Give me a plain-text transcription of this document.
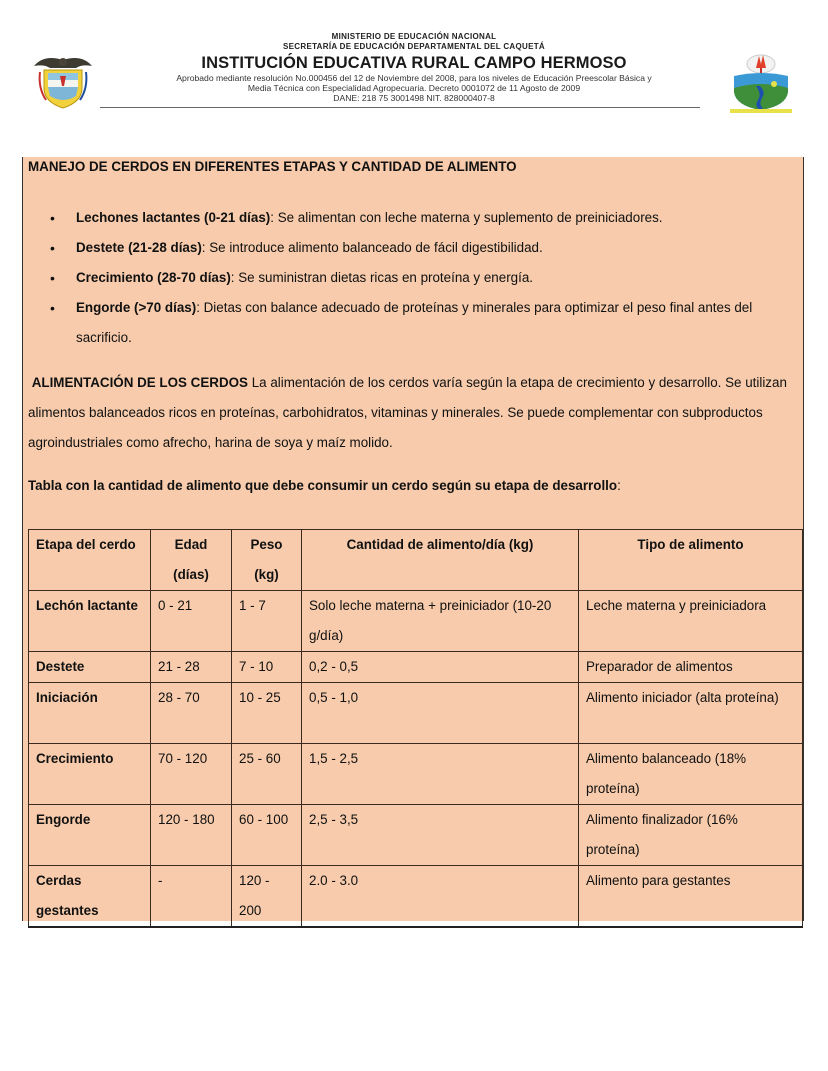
MINISTERIO DE EDUCACIÓN NACIONAL
SECRETARÍA DE EDUCACIÓN DEPARTAMENTAL DEL CAQUETÁ
INSTITUCIÓN EDUCATIVA RURAL CAMPO HERMOSO
Aprobado mediante resolución No.000456 del 12 de Noviembre del 2008, para los niveles de Educación Preescolar Básica y
Media Técnica con Especialidad Agropecuaria. Decreto 0001072 de 11 Agosto de 2009
DANE: 218 75 3001498 NIT. 828000407-8
MANEJO DE CERDOS EN DIFERENTES ETAPAS Y CANTIDAD DE ALIMENTO
• Lechones lactantes (0-21 días): Se alimentan con leche materna y suplemento de preiniciadores.
• Destete (21-28 días): Se introduce alimento balanceado de fácil digestibilidad.
• Crecimiento (28-70 días): Se suministran dietas ricas en proteína y energía.
• Engorde (>70 días): Dietas con balance adecuado de proteínas y minerales para optimizar el peso final antes del sacrificio.
ALIMENTACIÓN DE LOS CERDOS La alimentación de los cerdos varía según la etapa de crecimiento y desarrollo. Se utilizan alimentos balanceados ricos en proteínas, carbohidratos, vitaminas y minerales. Se puede complementar con subproductos agroindustriales como afrecho, harina de soya y maíz molido.
Tabla con la cantidad de alimento que debe consumir un cerdo según su etapa de desarrollo:
Etapa del cerdo	Edad (días)	Peso (kg)	Cantidad de alimento/día (kg)	Tipo de alimento
Lechón lactante	0 - 21	1 - 7	Solo leche materna + preiniciador (10-20 g/día)	Leche materna y preiniciadora
Destete	21 - 28	7 - 10	0,2 - 0,5	Preparador de alimentos
Iniciación	28 - 70	10 - 25	0,5 - 1,0	Alimento iniciador (alta proteína)
Crecimiento	70 - 120	25 - 60	1,5 - 2,5	Alimento balanceado (18% proteína)
Engorde	120 - 180	60 - 100	2,5 - 3,5	Alimento finalizador (16% proteína)
Cerdas gestantes	-	120 - 200	2.0 - 3.0	Alimento para gestantes
